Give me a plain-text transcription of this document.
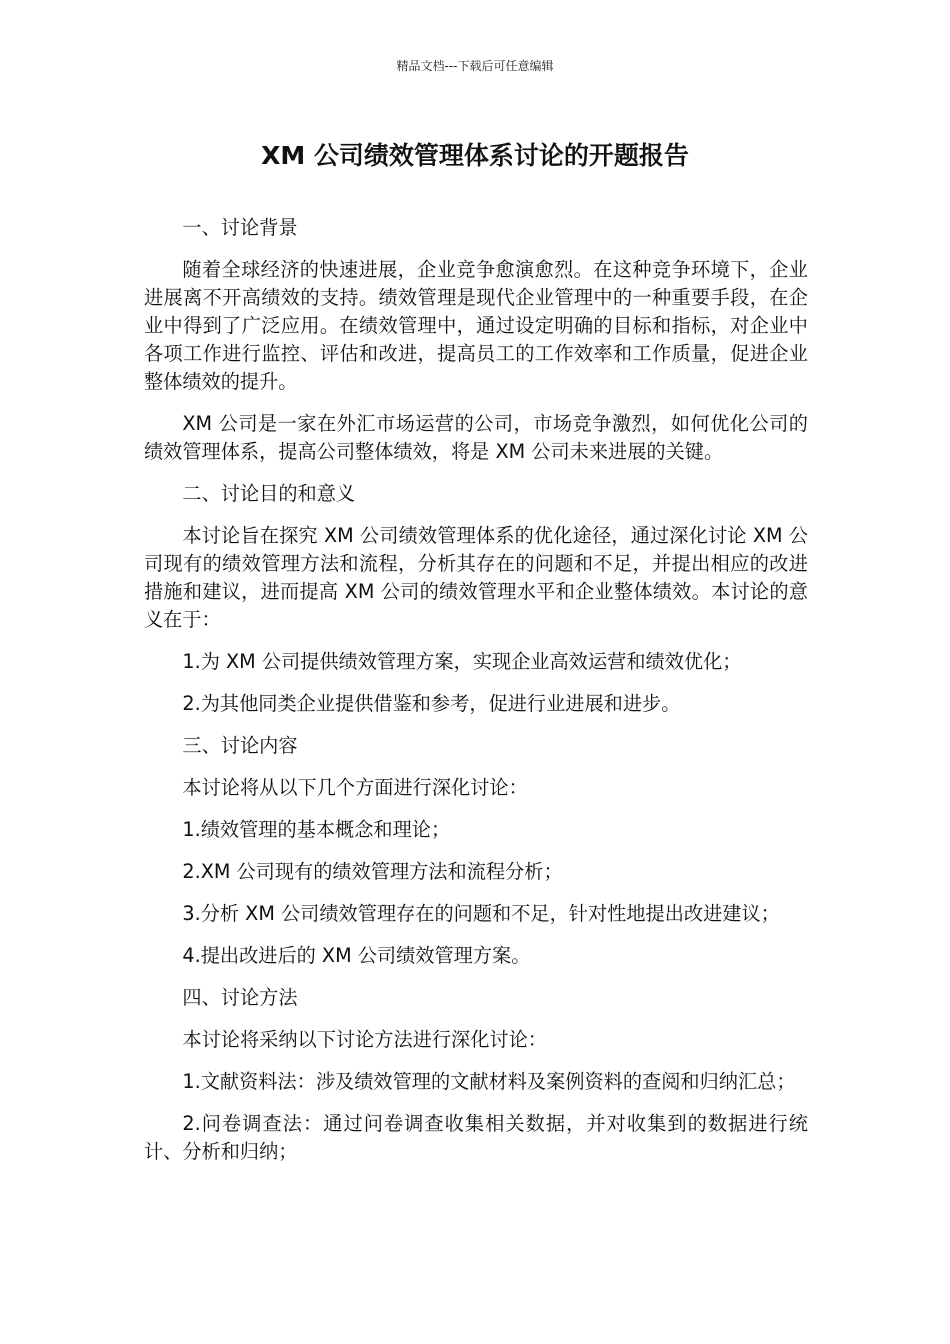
精品文档---下载后可任意编辑
XM 公司绩效管理体系讨论的开题报告

一、讨论背景

随着全球经济的快速进展，企业竞争愈演愈烈。在这种竞争环境下，企业进展离不开高绩效的支持。绩效管理是现代企业管理中的一种重要手段，在企业中得到了广泛应用。在绩效管理中，通过设定明确的目标和指标，对企业中各项工作进行监控、评估和改进，提高员工的工作效率和工作质量，促进企业整体绩效的提升。

XM 公司是一家在外汇市场运营的公司，市场竞争激烈，如何优化公司的绩效管理体系，提高公司整体绩效，将是 XM 公司未来进展的关键。

二、讨论目的和意义

本讨论旨在探究 XM 公司绩效管理体系的优化途径，通过深化讨论 XM 公司现有的绩效管理方法和流程，分析其存在的问题和不足，并提出相应的改进措施和建议，进而提高 XM 公司的绩效管理水平和企业整体绩效。本讨论的意义在于：

1.为 XM 公司提供绩效管理方案，实现企业高效运营和绩效优化；

2.为其他同类企业提供借鉴和参考，促进行业进展和进步。

三、讨论内容

本讨论将从以下几个方面进行深化讨论：

1.绩效管理的基本概念和理论；

2.XM 公司现有的绩效管理方法和流程分析；

3.分析 XM 公司绩效管理存在的问题和不足，针对性地提出改进建议；

4.提出改进后的 XM 公司绩效管理方案。

四、讨论方法

本讨论将采纳以下讨论方法进行深化讨论：

1.文献资料法：涉及绩效管理的文献材料及案例资料的查阅和归纳汇总；

2.问卷调查法：通过问卷调查收集相关数据，并对收集到的数据进行统计、分析和归纳；
